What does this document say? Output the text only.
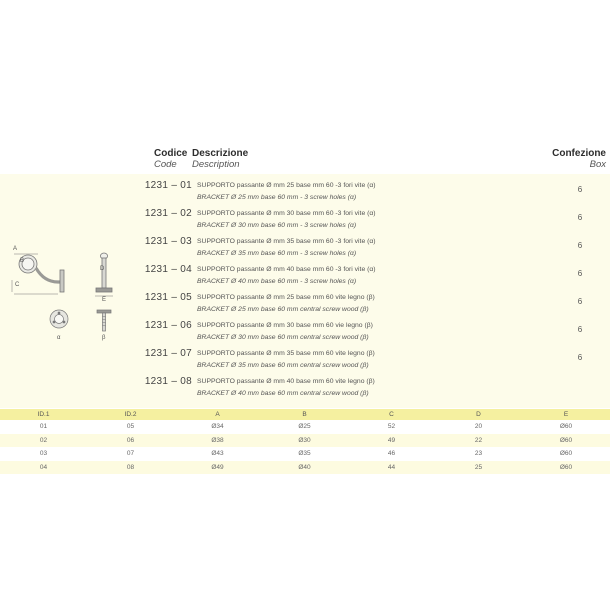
Codice
Code
Descrizione
Description
Confezione
Box
1231 – 01 SUPPORTO passante Ø mm 25 base mm 60 -3 fori vite (α)
BRACKET Ø 25 mm base 60 mm - 3 screw holes (α)
6
1231 – 02 SUPPORTO passante Ø mm 30 base mm 60 -3 fori vite (α)
BRACKET Ø 30 mm base 60 mm - 3 screw holes (α)
6
1231 – 03 SUPPORTO passante Ø mm 35 base mm 60 -3 fori vite (α)
BRACKET Ø 35 mm base 60 mm - 3 screw holes (α)
6
1231 – 04 SUPPORTO passante Ø mm 40 base mm 60 -3 fori vite (α)
BRACKET Ø 40 mm base 60 mm - 3 screw holes (α)
6
1231 – 05 SUPPORTO passante Ø mm 25 base mm 60 vite legno (β)
BRACKET Ø 25 mm base 60 mm central screw wood (β)
6
1231 – 06 SUPPORTO passante Ø mm 30 base mm 60 vie legno (β)
BRACKET Ø 30 mm base 60 mm central screw wood (β)
6
1231 – 07 SUPPORTO passante Ø mm 35 base mm 60 vite legno (β)
BRACKET Ø 35 mm base 60 mm central screw wood (β)
6
1231 – 08 SUPPORTO passante Ø mm 40 base mm 60 vite legno (β)
BRACKET Ø 40 mm base 60 mm central screw wood (β)
A
B
C
D
E
α	β
ID.1	ID.2	A	B	C	D	E
01	05	Ø34	Ø25	52	20	Ø60
02	06	Ø38	Ø30	49	22	Ø60
03	07	Ø43	Ø35	46	23	Ø60
04	08	Ø49	Ø40	44	25	Ø60
